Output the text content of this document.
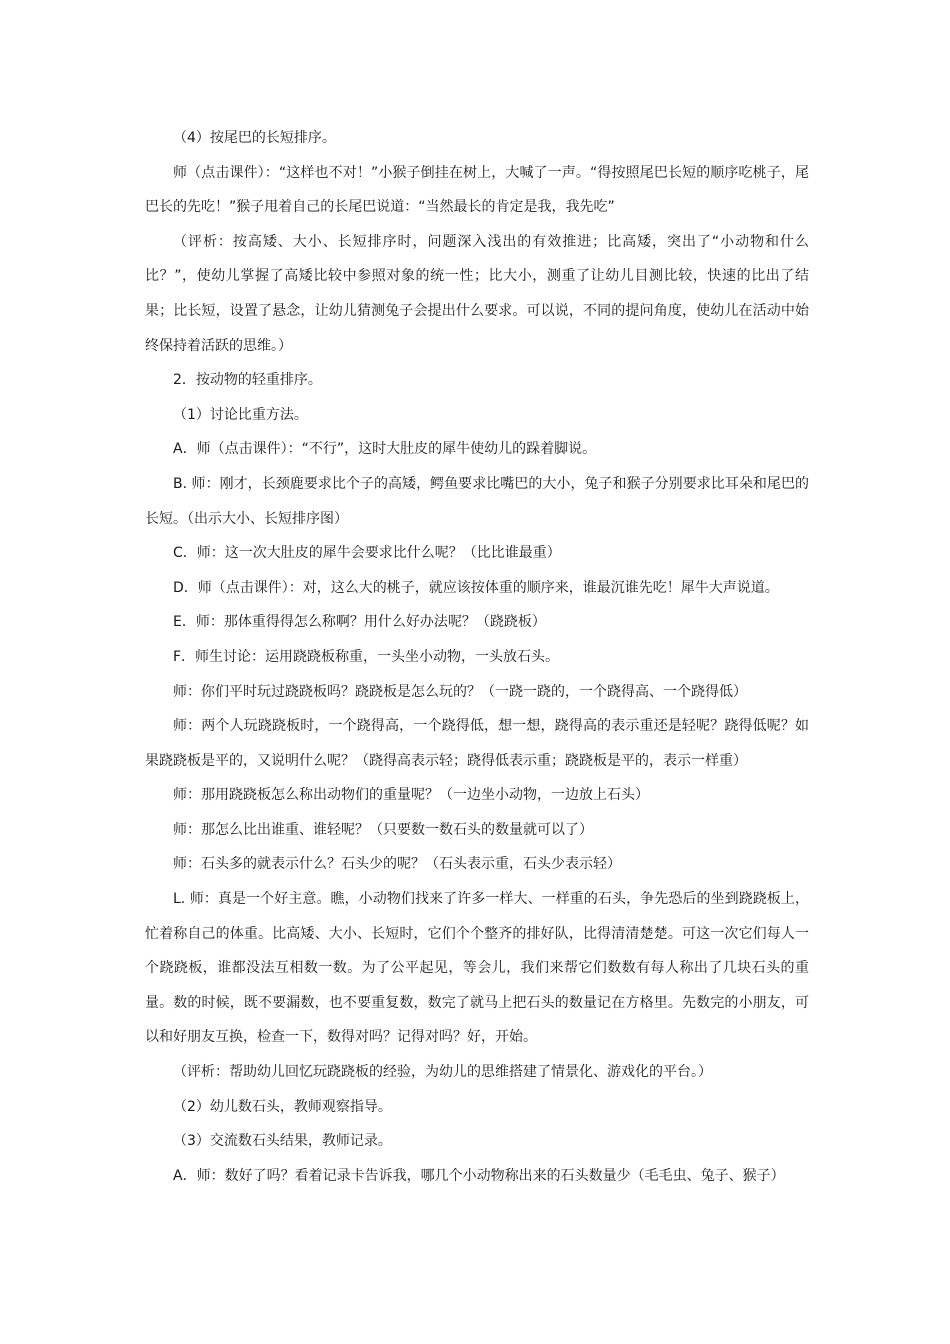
（4）按尾巴的长短排序。

师（点击课件）：“这样也不对！”小猴子倒挂在树上，大喊了一声。“得按照尾巴长短的顺序吃桃子，尾巴长的先吃！”猴子甩着自己的长尾巴说道：“当然最长的肯定是我，我先吃”

（评析：按高矮、大小、长短排序时，问题深入浅出的有效推进；比高矮，突出了“小动物和什么比？”，使幼儿掌握了高矮比较中参照对象的统一性；比大小，测重了让幼儿目测比较，快速的比出了结果；比长短，设置了悬念，让幼儿猜测兔子会提出什么要求。可以说，不同的提问角度，使幼儿在活动中始终保持着活跃的思维。）

2．按动物的轻重排序。

（1）讨论比重方法。

A．师（点击课件）：“不行”，这时大肚皮的犀牛使幼儿的跺着脚说。

B. 师：刚才，长颈鹿要求比个子的高矮，鳄鱼要求比嘴巴的大小，兔子和猴子分别要求比耳朵和尾巴的长短。（出示大小、长短排序图）

C．师：这一次大肚皮的犀牛会要求比什么呢？（比比谁最重）

D．师（点击课件）：对，这么大的桃子，就应该按体重的顺序来，谁最沉谁先吃！犀牛大声说道。

E．师：那体重得得怎么称啊？用什么好办法呢？（跷跷板）

F．师生讨论：运用跷跷板称重，一头坐小动物，一头放石头。

师：你们平时玩过跷跷板吗？跷跷板是怎么玩的？（一跷一跷的，一个跷得高、一个跷得低）

师：两个人玩跷跷板时，一个跷得高，一个跷得低，想一想，跷得高的表示重还是轻呢？跷得低呢？如果跷跷板是平的，又说明什么呢？（跷得高表示轻；跷得低表示重；跷跷板是平的，表示一样重）

师：那用跷跷板怎么称出动物们的重量呢？（一边坐小动物，一边放上石头）

师：那怎么比出谁重、谁轻呢？（只要数一数石头的数量就可以了）

师：石头多的就表示什么？石头少的呢？（石头表示重，石头少表示轻）

L. 师：真是一个好主意。瞧，小动物们找来了许多一样大、一样重的石头，争先恐后的坐到跷跷板上，忙着称自己的体重。比高矮、大小、长短时，它们个个整齐的排好队，比得清清楚楚。可这一次它们每人一个跷跷板，谁都没法互相数一数。为了公平起见，等会儿，我们来帮它们数数有每人称出了几块石头的重量。数的时候，既不要漏数，也不要重复数，数完了就马上把石头的数量记在方格里。先数完的小朋友，可以和好朋友互换，检查一下，数得对吗？记得对吗？好，开始。

（评析：帮助幼儿回忆玩跷跷板的经验，为幼儿的思维搭建了情景化、游戏化的平台。）

（2）幼儿数石头，教师观察指导。

（3）交流数石头结果，教师记录。

A．师：数好了吗？看着记录卡告诉我，哪几个小动物称出来的石头数量少（毛毛虫、兔子、猴子）
